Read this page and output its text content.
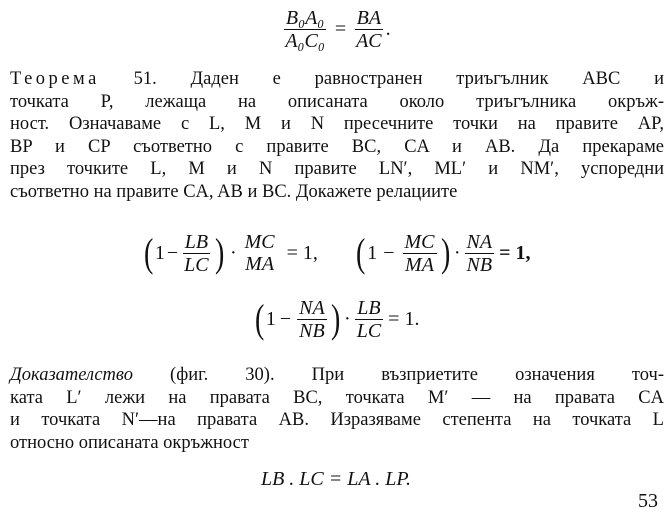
$\frac{\text{B₀A₀}}{\text{A₀C₀}} = \frac{BA}{AC}$ .
Теорема 51. Даден е равностранен триъгълник ABC и
точката P, лежаща на описаната около триъгълника окръж-
ност. Означаваме с L, M и N пресечните точки на правите AP,
BP и CP съответно с правите BC, CA и AB. Да прекараме
през точките L, M и N правите LN′, ML′ и NM′, успоредни
съответно на правите CA, AB и BC. Докажете релациите
( $1 - \frac{LB}{LC}$ ) · MC
MA
= 1, ( $1 - \frac{MC}{MA}$ ) · $\frac{NA}{NB} = 1$,
( $1 - \frac{NA}{NB}$ ) · $\frac{LB}{LC} = 1$.
Доказателство (фиг. 30). При възприетите означения точ-
ката L′ лежи на правата BC, точката M′ — на правата CA
и точката N′—на правата AB. Изразяваме степента на точката L
относно описаната окръжност
LB . LC = LA . LP.
53
